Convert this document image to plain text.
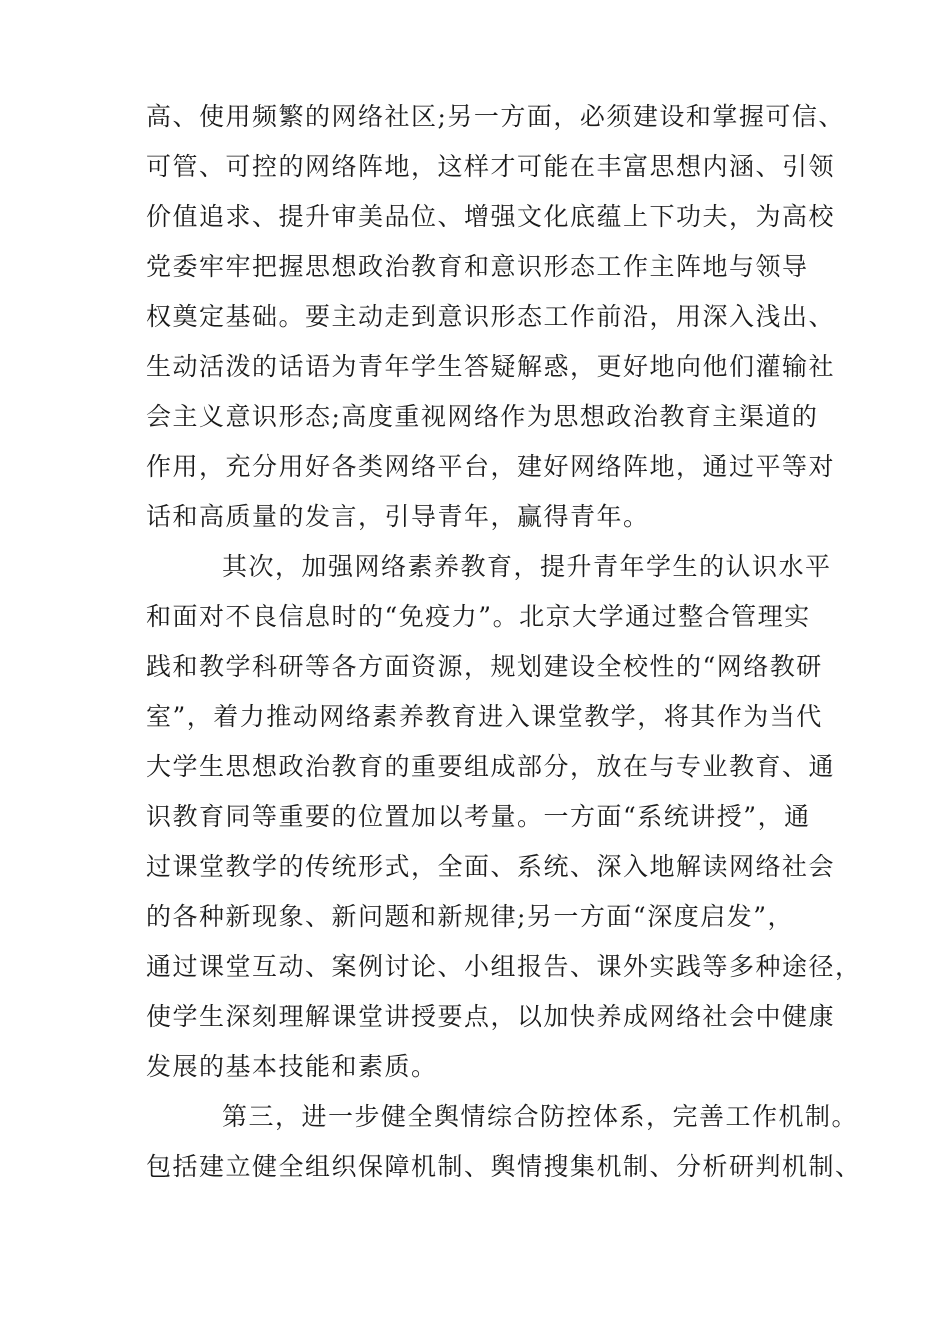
高、使用频繁的网络社区;另一方面，必须建设和掌握可信、
可管、可控的网络阵地，这样才可能在丰富思想内涵、引领
价值追求、提升审美品位、增强文化底蕴上下功夫，为高校
党委牢牢把握思想政治教育和意识形态工作主阵地与领导
权奠定基础。要主动走到意识形态工作前沿，用深入浅出、
生动活泼的话语为青年学生答疑解惑，更好地向他们灌输社
会主义意识形态;高度重视网络作为思想政治教育主渠道的
作用，充分用好各类网络平台，建好网络阵地，通过平等对
话和高质量的发言，引导青年，赢得青年。
其次，加强网络素养教育，提升青年学生的认识水平
和面对不良信息时的“免疫力”。北京大学通过整合管理实
践和教学科研等各方面资源，规划建设全校性的“网络教研
室”，着力推动网络素养教育进入课堂教学，将其作为当代
大学生思想政治教育的重要组成部分，放在与专业教育、通
识教育同等重要的位置加以考量。一方面“系统讲授”，通
过课堂教学的传统形式，全面、系统、深入地解读网络社会
的各种新现象、新问题和新规律;另一方面“深度启发”，
通过课堂互动、案例讨论、小组报告、课外实践等多种途径，
使学生深刻理解课堂讲授要点，以加快养成网络社会中健康
发展的基本技能和素质。
第三，进一步健全舆情综合防控体系，完善工作机制。
包括建立健全组织保障机制、舆情搜集机制、分析研判机制、
